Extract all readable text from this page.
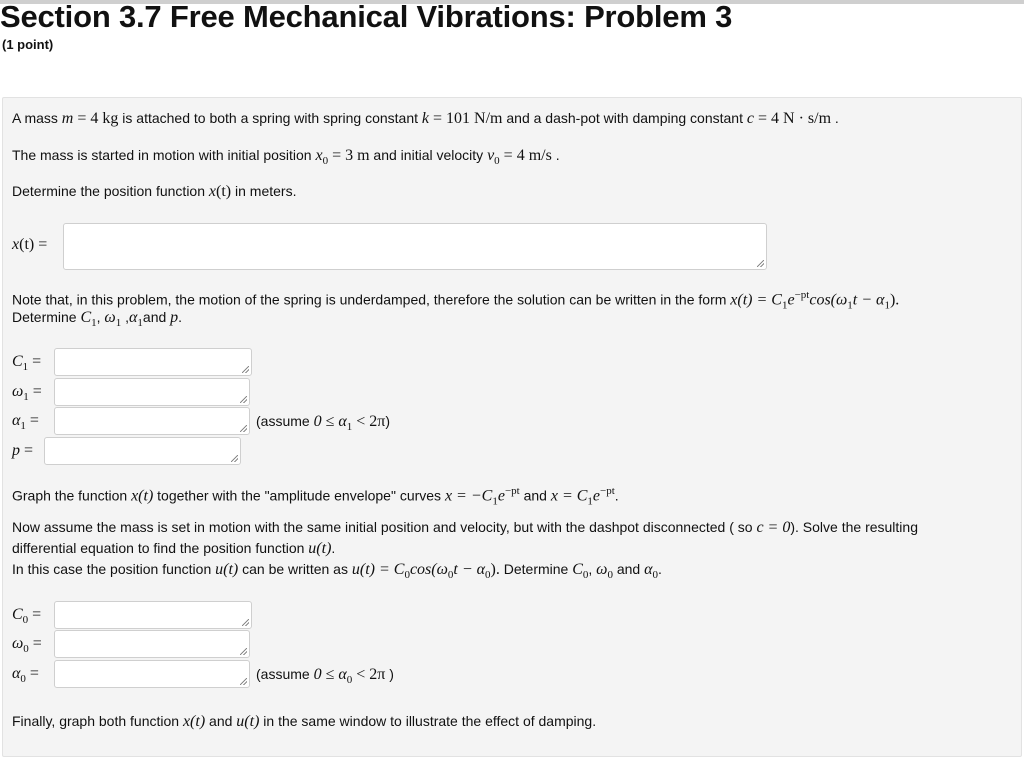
Section 3.7 Free Mechanical Vibrations: Problem 3
(1 point)
A mass m = 4 kg is attached to both a spring with spring constant k = 101 N/m and a dash-pot with damping constant c = 4 N · s/m .
The mass is started in motion with initial position $x_0 = 3$ m and initial velocity $v_0 = 4$ m/s .
Determine the position function x(t) in meters.
x(t) =
Note that, in this problem, the motion of the spring is underdamped, therefore the solution can be written in the form $x(t) = C_1e^{-pt}\cos(\omega_1t - \alpha_1)$.
Determine $C_1$, $\omega_1$ $,\alpha_1and$ p.
$C_1$ =
$\omega_1$ =
$\alpha_1$ =	(assume $0 \le \alpha_1 < 2\pi$)
p =
Graph the function x(t) together with the "amplitude envelope" curves $x = -C_1e^{-pt}$ and $x = C_1e^{-pt}$.
Now assume the mass is set in motion with the same initial position and velocity, but with the dashpot disconnected ( so c = 0). Solve the resulting
differential equation to find the position function u(t).
In this case the position function u(t) can be written as $u(t) = C_0\cos(\omega_0t - \alpha_0)$. Determine $C_0$, $\omega_0$ and $\alpha_0$.
$C_0$ =
$\omega_0$ =
$\alpha_0$ =	(assume $0 \le \alpha_0 < 2\pi$ )
Finally, graph both function x(t) and u(t) in the same window to illustrate the effect of damping.
